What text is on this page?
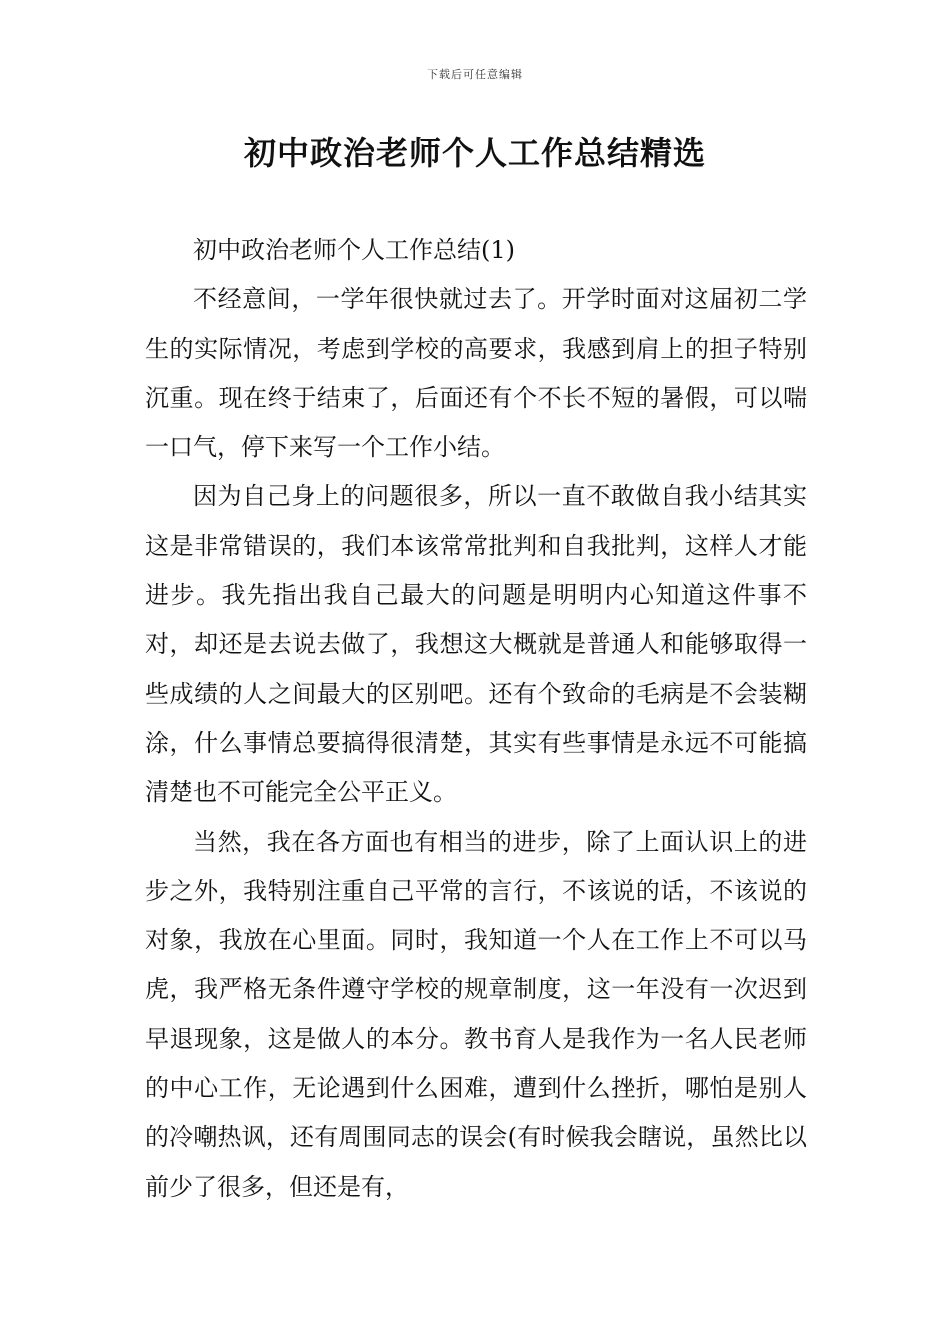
下载后可任意编辑
初中政治老师个人工作总结精选

初中政治老师个人工作总结(1)

不经意间，一学年很快就过去了。开学时面对这届初二学生的实际情况，考虑到学校的高要求，我感到肩上的担子特别沉重。现在终于结束了，后面还有个不长不短的暑假，可以喘一口气，停下来写一个工作小结。

因为自己身上的问题很多，所以一直不敢做自我小结其实这是非常错误的，我们本该常常批判和自我批判，这样人才能进步。我先指出我自己最大的问题是明明内心知道这件事不对，却还是去说去做了，我想这大概就是普通人和能够取得一些成绩的人之间最大的区别吧。还有个致命的毛病是不会装糊涂，什么事情总要搞得很清楚，其实有些事情是永远不可能搞清楚也不可能完全公平正义。

当然，我在各方面也有相当的进步，除了上面认识上的进步之外，我特别注重自己平常的言行，不该说的话，不该说的对象，我放在心里面。同时，我知道一个人在工作上不可以马虎，我严格无条件遵守学校的规章制度，这一年没有一次迟到早退现象，这是做人的本分。教书育人是我作为一名人民老师的中心工作，无论遇到什么困难，遭到什么挫折，哪怕是别人的冷嘲热讽，还有周围同志的误会(有时候我会瞎说，虽然比以前少了很多，但还是有，
